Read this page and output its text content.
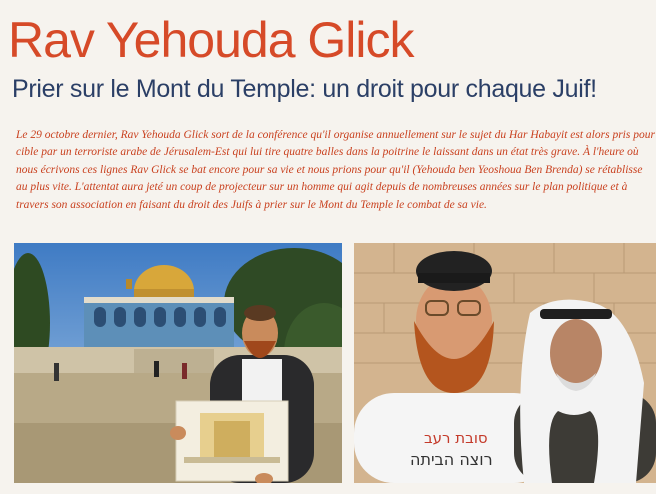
Rav Yehouda Glick
Prier sur le Mont du Temple: un droit pour chaque Juif!

Le 29 octobre dernier, Rav Yehouda Glick sort de la conférence qu'il organise annuellement sur le sujet du Har Habayit est alors pris pour cible par un terroriste arabe de Jérusalem-Est qui lui tire quatre balles dans la poitrine le laissant dans un état très grave. À l'heure où nous écrivons ces lignes Rav Glick se bat encore pour sa vie et nous prions pour qu'il (Yehouda ben Yeoshoua Ben Brenda) se rétablisse au plus vite. L'attentat aura jeté un coup de projecteur sur un homme qui agit depuis de nombreuses années sur le plan politique et à travers son association en faisant du droit des Juifs à prier sur le Mont du Temple le combat de sa vie.

סובת רעב
רוצה הביתה
